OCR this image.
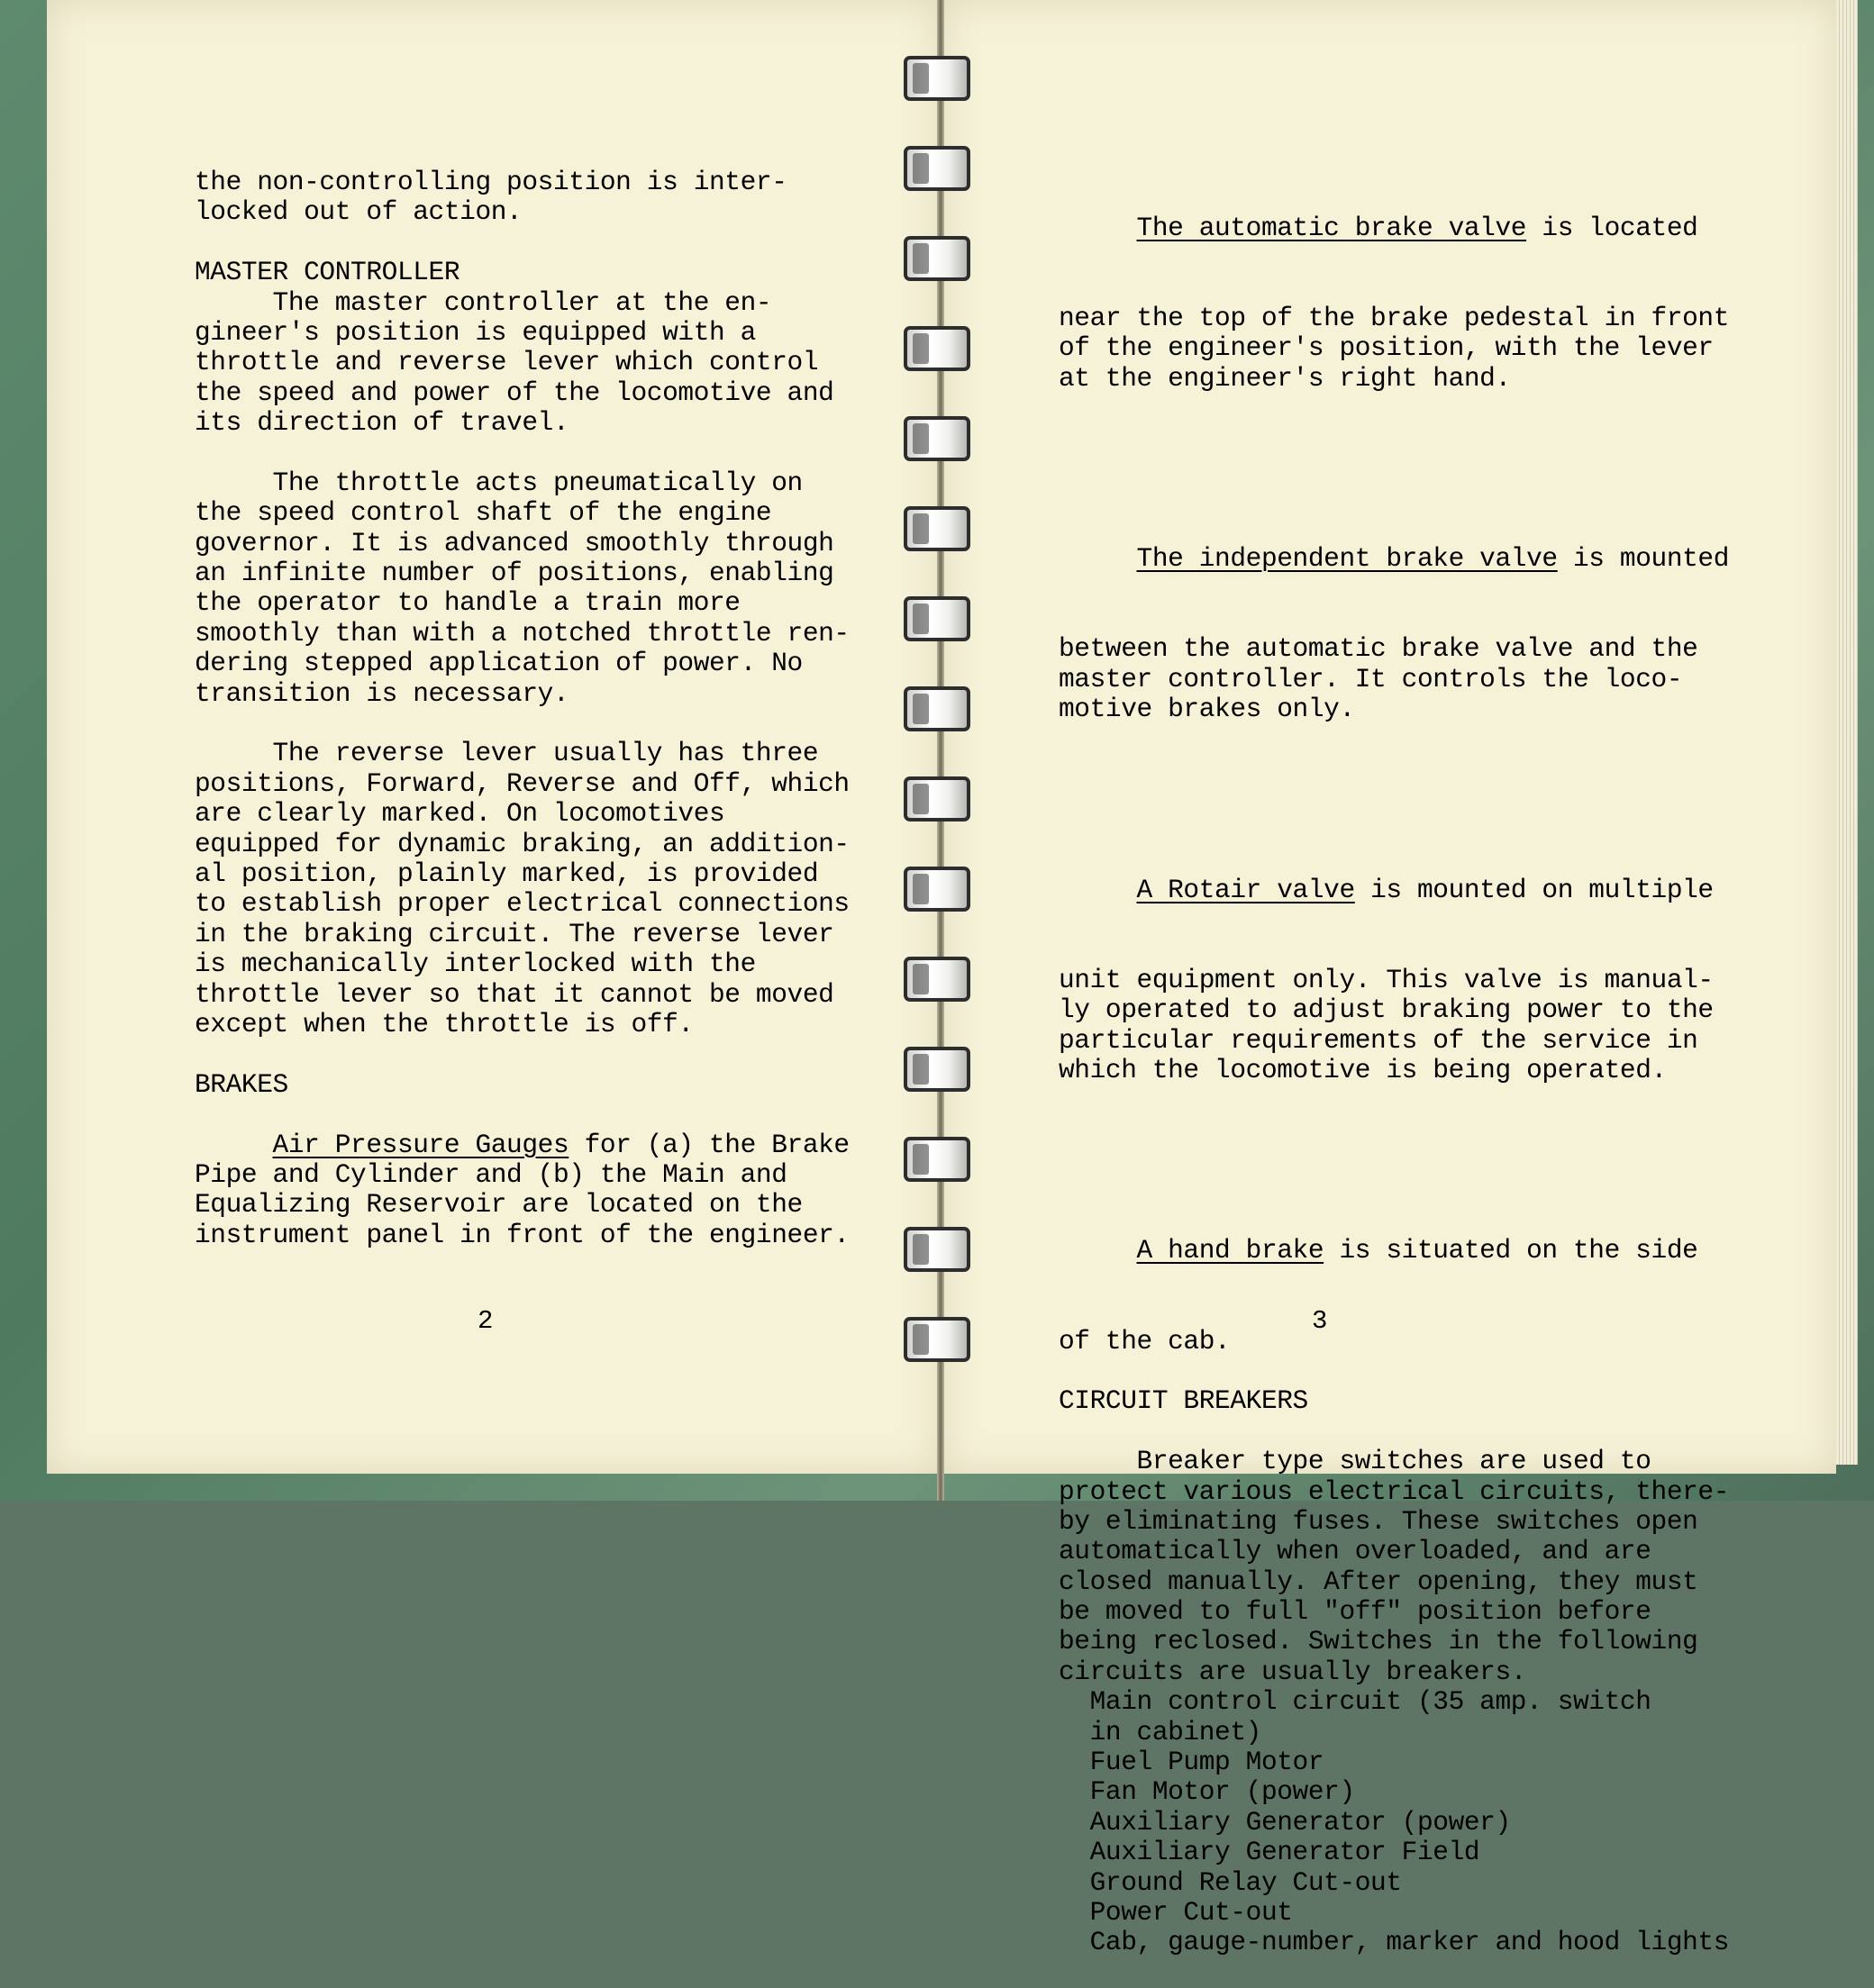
the non-controlling position is inter-
locked out of action.
MASTER CONTROLLER
The master controller at the en-
gineer's position is equipped with a
throttle and reverse lever which control
the speed and power of the locomotive and
its direction of travel.
The throttle acts pneumatically on
the speed control shaft of the engine
governor. It is advanced smoothly through
an infinite number of positions, enabling
the operator to handle a train more
smoothly than with a notched throttle ren-
dering stepped application of power. No
transition is necessary.
The reverse lever usually has three
positions, Forward, Reverse and Off, which
are clearly marked. On locomotives
equipped for dynamic braking, an addition-
al position, plainly marked, is provided
to establish proper electrical connections
in the braking circuit. The reverse lever
is mechanically interlocked with the
throttle lever so that it cannot be moved
except when the throttle is off.
BRAKES
Air Pressure Gauges for (a) the Brake
Pipe and Cylinder and (b) the Main and
Equalizing Reservoir are located on the
instrument panel in front of the engineer.
2

The automatic brake valve is located

near the top of the brake pedestal in front
of the engineer's position, with the lever
at the engineer's right hand.

The independent brake valve is mounted

between the automatic brake valve and the
master controller. It controls the loco-
motive brakes only.

A Rotair valve is mounted on multiple

unit equipment only. This valve is manual-
ly operated to adjust braking power to the
particular requirements of the service in
which the locomotive is being operated.

A hand brake is situated on the side

of the cab.
CIRCUIT BREAKERS
Breaker type switches are used to
protect various electrical circuits, there-
by eliminating fuses. These switches open
automatically when overloaded, and are
closed manually. After opening, they must
be moved to full "off" position before
being reclosed. Switches in the following
circuits are usually breakers.
Main control circuit (35 amp. switch
in cabinet)
Fuel Pump Motor
Fan Motor (power)
Auxiliary Generator (power)
Auxiliary Generator Field
Ground Relay Cut-out
Power Cut-out
Cab, gauge-number, marker and hood lights

3
